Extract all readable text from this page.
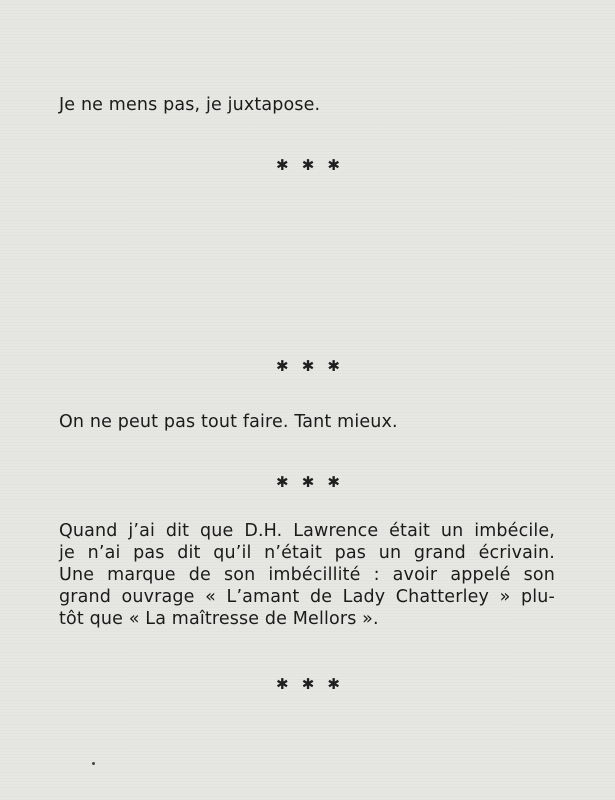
Je ne mens pas, je juxtapose.
✱ ✱ ✱
✱ ✱ ✱
On ne peut pas tout faire. Tant mieux.
✱ ✱ ✱
Quand j’ai dit que D.H. Lawrence était un imbécile,
je n’ai pas dit qu’il n’était pas un grand écrivain.
Une marque de son imbécillité : avoir appelé son
grand ouvrage « L’amant de Lady Chatterley » plu-
tôt que « La maîtresse de Mellors ».
✱ ✱ ✱
